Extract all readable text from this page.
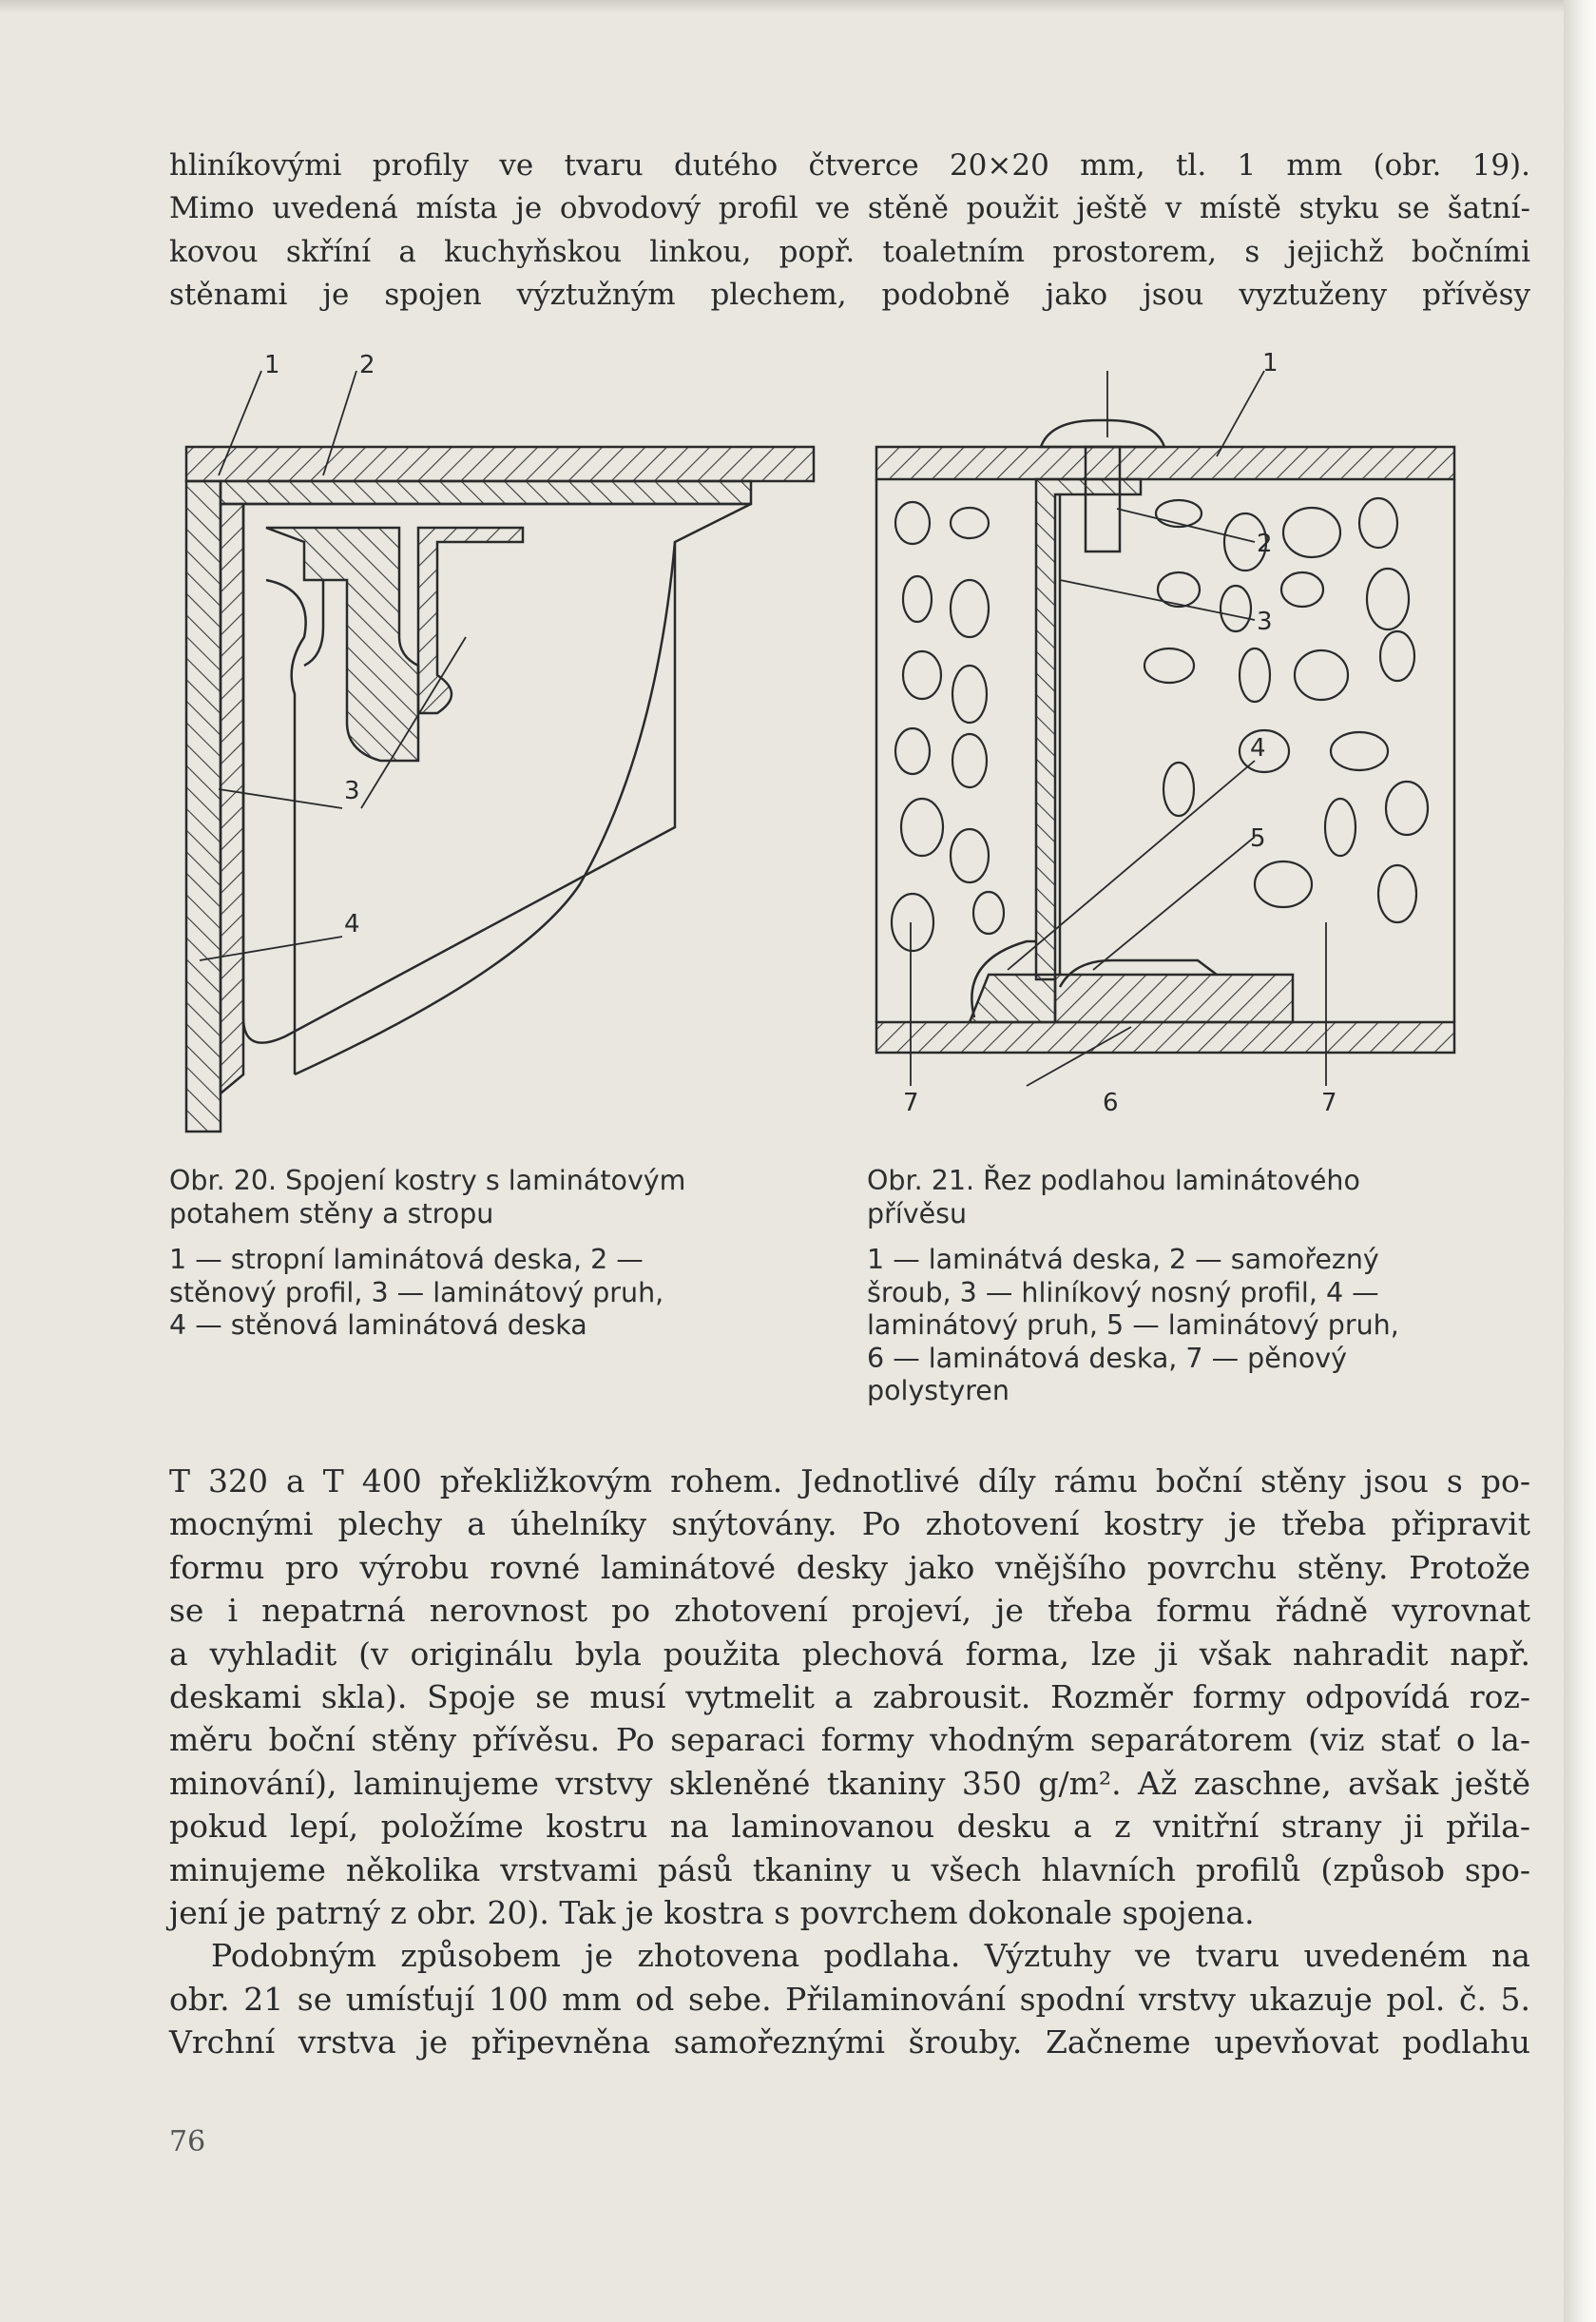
hliníkovými profily ve tvaru dutého čtverce 20×20 mm, tl. 1 mm (obr. 19).
Mimo uvedená místa je obvodový profil ve stěně použit ještě v místě styku se šatní-
kovou skříní a kuchyňskou linkou, popř. toaletním prostorem, s jejichž bočními
stěnami je spojen výztužným plechem, podobně jako jsou vyztuženy přívěsy
1	2
3
4
1
2
3
4
5
6
7	7
Obr. 20. Spojení kostry s laminátovým
potahem stěny a stropu
1 — stropní laminátová deska, 2 —
stěnový profil, 3 — laminátový pruh,
4 — stěnová laminátová deska
Obr. 21. Řez podlahou laminátového
přívěsu
1 — laminátvá deska, 2 — samořezný
šroub, 3 — hliníkový nosný profil, 4 —
laminátový pruh, 5 — laminátový pruh,
6 — laminátová deska, 7 — pěnový
polystyren
T 320 a T 400 překližkovým rohem. Jednotlivé díly rámu boční stěny jsou s po-
mocnými plechy a úhelníky snýtovány. Po zhotovení kostry je třeba připravit
formu pro výrobu rovné laminátové desky jako vnějšího povrchu stěny. Protože
se i nepatrná nerovnost po zhotovení projeví, je třeba formu řádně vyrovnat
a vyhladit (v originálu byla použita plechová forma, lze ji však nahradit např.
deskami skla). Spoje se musí vytmelit a zabrousit. Rozměr formy odpovídá roz-
měru boční stěny přívěsu. Po separaci formy vhodným separátorem (viz stať o la-
minování), laminujeme vrstvy skleněné tkaniny 350 g/m². Až zaschne, avšak ještě
pokud lepí, položíme kostru na laminovanou desku a z vnitřní strany ji přila-
minujeme několika vrstvami pásů tkaniny u všech hlavních profilů (způsob spo-
jení je patrný z obr. 20). Tak je kostra s povrchem dokonale spojena.
Podobným způsobem je zhotovena podlaha. Výztuhy ve tvaru uvedeném na
obr. 21 se umísťují 100 mm od sebe. Přilaminování spodní vrstvy ukazuje pol. č. 5.
Vrchní vrstva je připevněna samořeznými šrouby. Začneme upevňovat podlahu
76
